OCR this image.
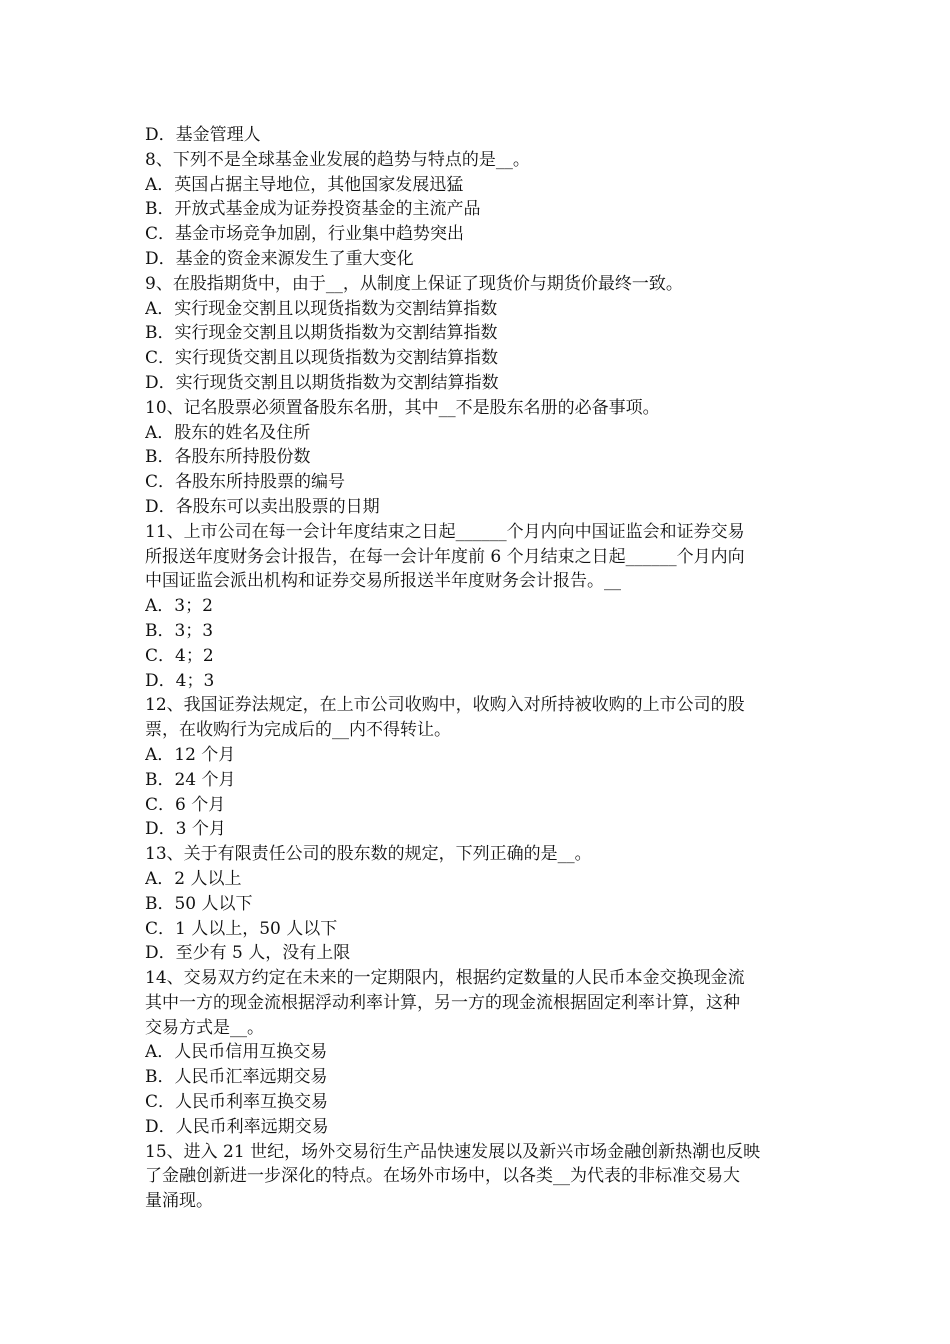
D．基金管理人
8、下列不是全球基金业发展的趋势与特点的是__。
A．英国占据主导地位，其他国家发展迅猛
B．开放式基金成为证券投资基金的主流产品
C．基金市场竞争加剧，行业集中趋势突出
D．基金的资金来源发生了重大变化
9、在股指期货中，由于__，从制度上保证了现货价与期货价最终一致。
A．实行现金交割且以现货指数为交割结算指数
B．实行现金交割且以期货指数为交割结算指数
C．实行现货交割且以现货指数为交割结算指数
D．实行现货交割且以期货指数为交割结算指数
10、记名股票必须置备股东名册，其中__不是股东名册的必备事项。
A．股东的姓名及住所
B．各股东所持股份数
C．各股东所持股票的编号
D．各股东可以卖出股票的日期
11、上市公司在每一会计年度结束之日起______个月内向中国证监会和证券交易
所报送年度财务会计报告，在每一会计年度前 6 个月结束之日起______个月内向
中国证监会派出机构和证券交易所报送半年度财务会计报告。__
A．3；2
B．3；3
C．4；2
D．4；3
12、我国证券法规定，在上市公司收购中，收购入对所持被收购的上市公司的股
票，在收购行为完成后的__内不得转让。
A．12 个月
B．24 个月
C．6 个月
D．3 个月
13、关于有限责任公司的股东数的规定，下列正确的是__。
A．2 人以上
B．50 人以下
C．1 人以上，50 人以下
D．至少有 5 人，没有上限
14、交易双方约定在未来的一定期限内，根据约定数量的人民币本金交换现金流
其中一方的现金流根据浮动利率计算，另一方的现金流根据固定利率计算，这种
交易方式是__。
A．人民币信用互换交易
B．人民币汇率远期交易
C．人民币利率互换交易
D．人民币利率远期交易
15、进入 21 世纪，场外交易衍生产品快速发展以及新兴市场金融创新热潮也反映
了金融创新进一步深化的特点。在场外市场中，以各类__为代表的非标准交易大
量涌现。
